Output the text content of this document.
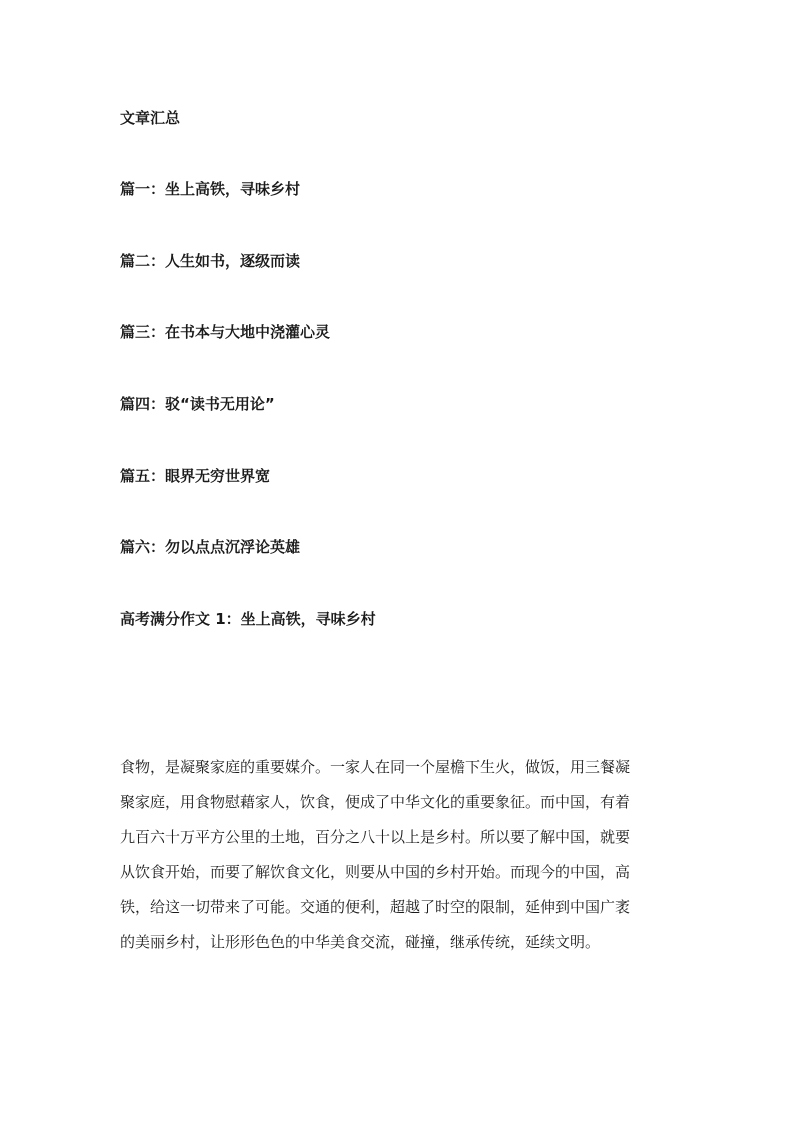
文章汇总
篇一：坐上高铁，寻味乡村
篇二：人生如书，逐级而读
篇三：在书本与大地中浇灌心灵
篇四：驳“读书无用论”
篇五：眼界无穷世界宽
篇六：勿以点点沉浮论英雄
高考满分作文 1：坐上高铁，寻味乡村
食物，是凝聚家庭的重要媒介。一家人在同一个屋檐下生火，做饭，用三餐凝
聚家庭，用食物慰藉家人，饮食，便成了中华文化的重要象征。而中国，有着
九百六十万平方公里的土地，百分之八十以上是乡村。所以要了解中国，就要
从饮食开始，而要了解饮食文化，则要从中国的乡村开始。而现今的中国，高
铁，给这一切带来了可能。交通的便利，超越了时空的限制，延伸到中国广袤
的美丽乡村，让形形色色的中华美食交流，碰撞，继承传统，延续文明。
